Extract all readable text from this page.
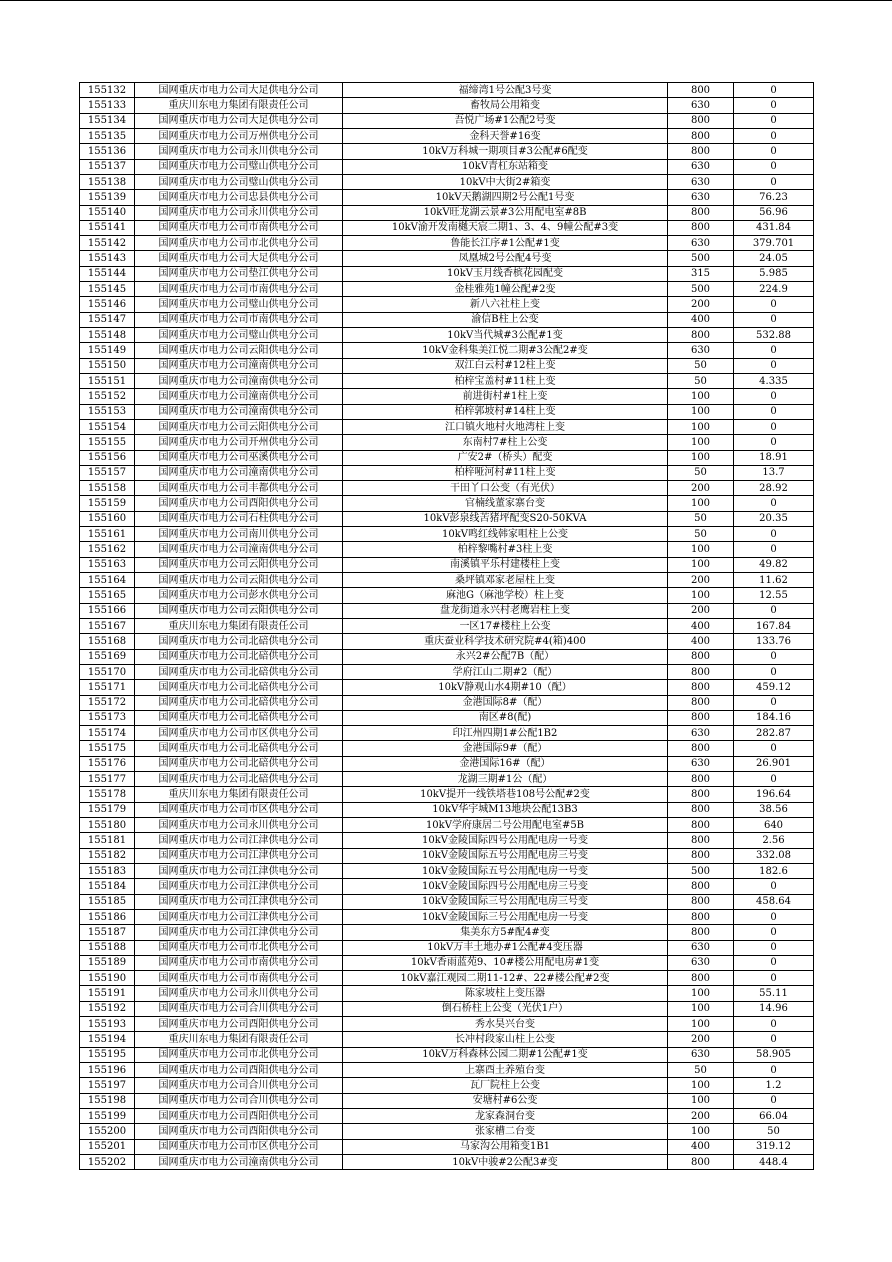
155132	国网重庆市电力公司大足供电分公司	福缔湾1号公配3号变	800	0
155133	重庆川东电力集团有限责任公司	畜牧局公用箱变	630	0
155134	国网重庆市电力公司大足供电分公司	吾悦广场#1公配2号变	800	0
155135	国网重庆市电力公司万州供电分公司	金科天誉#16变	800	0
155136	国网重庆市电力公司永川供电分公司	10kV万科城一期项目#3公配#6配变	800	0
155137	国网重庆市电力公司璧山供电分公司	10kV青杠东站箱变	630	0
155138	国网重庆市电力公司璧山供电分公司	10kV中大街2#箱变	630	0
155139	国网重庆市电力公司忠县供电分公司	10kV天鹅湖四期2号公配1号变	630	76.23
155140	国网重庆市电力公司永川供电分公司	10kV旺龙湖云景#3公用配电室#8B	800	56.96
155141	国网重庆市电力公司市南供电分公司	10kV渝开发南樾天宸二期1、3、4、9幢公配#3变	800	431.84
155142	国网重庆市电力公司市北供电分公司	鲁能长江序#1公配#1变	630	379.701
155143	国网重庆市电力公司大足供电分公司	凤凰城2号公配4号变	500	24.05
155144	国网重庆市电力公司垫江供电分公司	10kV玉月线香槟花园配变	315	5.985
155145	国网重庆市电力公司市南供电分公司	金桂雅苑1幢公配#2变	500	224.9
155146	国网重庆市电力公司璧山供电分公司	新八六社柱上变	200	0
155147	国网重庆市电力公司市南供电分公司	渝信B柱上公变	400	0
155148	国网重庆市电力公司璧山供电分公司	10kV当代城#3公配#1变	800	532.88
155149	国网重庆市电力公司云阳供电分公司	10kV金科集美江悦二期#3公配2#变	630	0
155150	国网重庆市电力公司潼南供电分公司	双江白云村#12柱上变	50	0
155151	国网重庆市电力公司潼南供电分公司	柏梓宝盖村#11柱上变	50	4.335
155152	国网重庆市电力公司潼南供电分公司	前进街村#1柱上变	100	0
155153	国网重庆市电力公司潼南供电分公司	柏梓郭坡村#14柱上变	100	0
155154	国网重庆市电力公司云阳供电分公司	江口镇火地村火地湾柱上变	100	0
155155	国网重庆市电力公司开州供电分公司	东南村7#柱上公变	100	0
155156	国网重庆市电力公司巫溪供电分公司	广安2#（桥头）配变	100	18.91
155157	国网重庆市电力公司潼南供电分公司	柏梓哑河村#11柱上变	50	13.7
155158	国网重庆市电力公司丰都供电分公司	干田丫口公变（有光伏）	200	28.92
155159	国网重庆市电力公司酉阳供电分公司	官楠线董家寨台变	100	0
155160	国网重庆市电力公司石柱供电分公司	10kV彭泉线苦猪坪配变S20-50KVA	50	20.35
155161	国网重庆市电力公司南川供电分公司	10kV鸣红线韩家咀柱上公变	50	0
155162	国网重庆市电力公司潼南供电分公司	柏梓黎嘴村#3柱上变	100	0
155163	国网重庆市电力公司云阳供电分公司	南溪镇平乐村建楼柱上变	100	49.82
155164	国网重庆市电力公司云阳供电分公司	桑坪镇邓家老屋柱上变	200	11.62
155165	国网重庆市电力公司彭水供电分公司	麻池G（麻池学校）柱上变	100	12.55
155166	国网重庆市电力公司云阳供电分公司	盘龙街道永兴村老鹰岩柱上变	200	0
155167	重庆川东电力集团有限责任公司	一区17#楼柱上公变	400	167.84
155168	国网重庆市电力公司北碚供电分公司	重庆蚕业科学技术研究院#4(箱)400	400	133.76
155169	国网重庆市电力公司北碚供电分公司	永兴2#公配7B（配）	800	0
155170	国网重庆市电力公司北碚供电分公司	学府江山二期#2（配）	800	0
155171	国网重庆市电力公司北碚供电分公司	10kV静观山水4期#10（配）	800	459.12
155172	国网重庆市电力公司北碚供电分公司	金港国际8#（配）	800	0
155173	国网重庆市电力公司北碚供电分公司	南区#8(配)	800	184.16
155174	国网重庆市电力公司市区供电分公司	印江州四期1#公配1B2	630	282.87
155175	国网重庆市电力公司北碚供电分公司	金港国际9#（配）	800	0
155176	国网重庆市电力公司北碚供电分公司	金港国际16#（配）	630	26.901
155177	国网重庆市电力公司北碚供电分公司	龙湖三期#1公（配）	800	0
155178	重庆川东电力集团有限责任公司	10kV提开一线铁塔巷108号公配#2变	800	196.64
155179	国网重庆市电力公司市区供电分公司	10kV华宇城M13地块公配13B3	800	38.56
155180	国网重庆市电力公司永川供电分公司	10kV学府康居二号公用配电室#5B	800	640
155181	国网重庆市电力公司江津供电分公司	10kV金陵国际四号公用配电房一号变	800	2.56
155182	国网重庆市电力公司江津供电分公司	10kV金陵国际五号公用配电房三号变	800	332.08
155183	国网重庆市电力公司江津供电分公司	10kV金陵国际五号公用配电房一号变	500	182.6
155184	国网重庆市电力公司江津供电分公司	10kV金陵国际四号公用配电房三号变	800	0
155185	国网重庆市电力公司江津供电分公司	10kV金陵国际三号公用配电房三号变	800	458.64
155186	国网重庆市电力公司江津供电分公司	10kV金陵国际三号公用配电房一号变	800	0
155187	国网重庆市电力公司江津供电分公司	集美东方5#配4#变	800	0
155188	国网重庆市电力公司市北供电分公司	10kV万丰土地办#1公配#4变压器	630	0
155189	国网重庆市电力公司市南供电分公司	10kV香雨蓝苑9、10#楼公用配电房#1变	630	0
155190	国网重庆市电力公司市南供电分公司	10kV嘉江观园二期11-12#、22#楼公配#2变	800	0
155191	国网重庆市电力公司永川供电分公司	陈家坡柱上变压器	100	55.11
155192	国网重庆市电力公司合川供电分公司	倒石桥柱上公变（光伏1户）	100	14.96
155193	国网重庆市电力公司酉阳供电分公司	秀水昊兴台变	100	0
155194	重庆川东电力集团有限责任公司	长冲村段家山柱上公变	200	0
155195	国网重庆市电力公司市北供电分公司	10kV万科森林公园二期#1公配#1变	630	58.905
155196	国网重庆市电力公司酉阳供电分公司	上寨酉土养殖台变	50	0
155197	国网重庆市电力公司合川供电分公司	瓦厂院柱上公变	100	1.2
155198	国网重庆市电力公司合川供电分公司	安塘村#6公变	100	0
155199	国网重庆市电力公司酉阳供电分公司	龙家森洞台变	200	66.04
155200	国网重庆市电力公司酉阳供电分公司	张家槽二台变	100	50
155201	国网重庆市电力公司市区供电分公司	马家沟公用箱变1B1	400	319.12
155202	国网重庆市电力公司潼南供电分公司	10kV中骏#2公配3#变	800	448.4
